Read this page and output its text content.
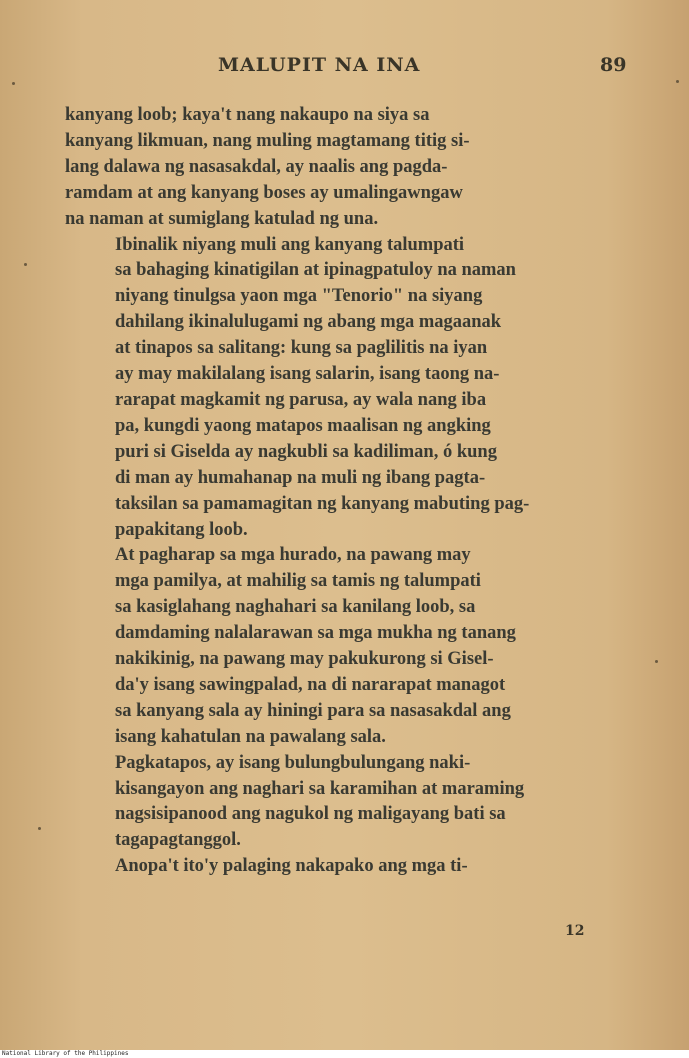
MALUPIT NA INA	89

kanyang loob; kaya't nang nakaupo na siya sa
kanyang likmuan, nang muling magtamang titig si-
lang dalawa ng nasasakdal, ay naalis ang pagda-
ramdam at ang kanyang boses ay umalingawngaw
na naman at sumiglang katulad ng una.

Ibinalik niyang muli ang kanyang talumpati
sa bahaging kinatigilan at ipinagpatuloy na naman
niyang tinulgsa yaon mga "Tenorio" na siyang
dahilang ikinalulugami ng abang mga magaanak
at tinapos sa salitang: kung sa paglilitis na iyan
ay may makilalang isang salarin, isang taong na-
rarapat magkamit ng parusa, ay wala nang iba
pa, kungdi yaong matapos maalisan ng angking
puri si Giselda ay nagkubli sa kadiliman, ó kung
di man ay humahanap na muli ng ibang pagta-
taksilan sa pamamagitan ng kanyang mabuting pag-
papakitang loob.

At pagharap sa mga hurado, na pawang may
mga pamilya, at mahilig sa tamis ng talumpati
sa kasiglahang naghahari sa kanilang loob, sa
damdaming nalalarawan sa mga mukha ng tanang
nakikinig, na pawang may pakukurong si Gisel-
da'y isang sawingpalad, na di nararapat managot
sa kanyang sala ay hiningi para sa nasasakdal ang
isang kahatulan na pawalang sala.

Pagkatapos, ay isang bulungbulungang naki-
kisangayon ang naghari sa karamihan at maraming
nagsisipanood ang nagukol ng maligayang bati sa
tagapagtanggol.

Anopa't ito'y palaging nakapako ang mga ti-

12
National Library of the Philippines
